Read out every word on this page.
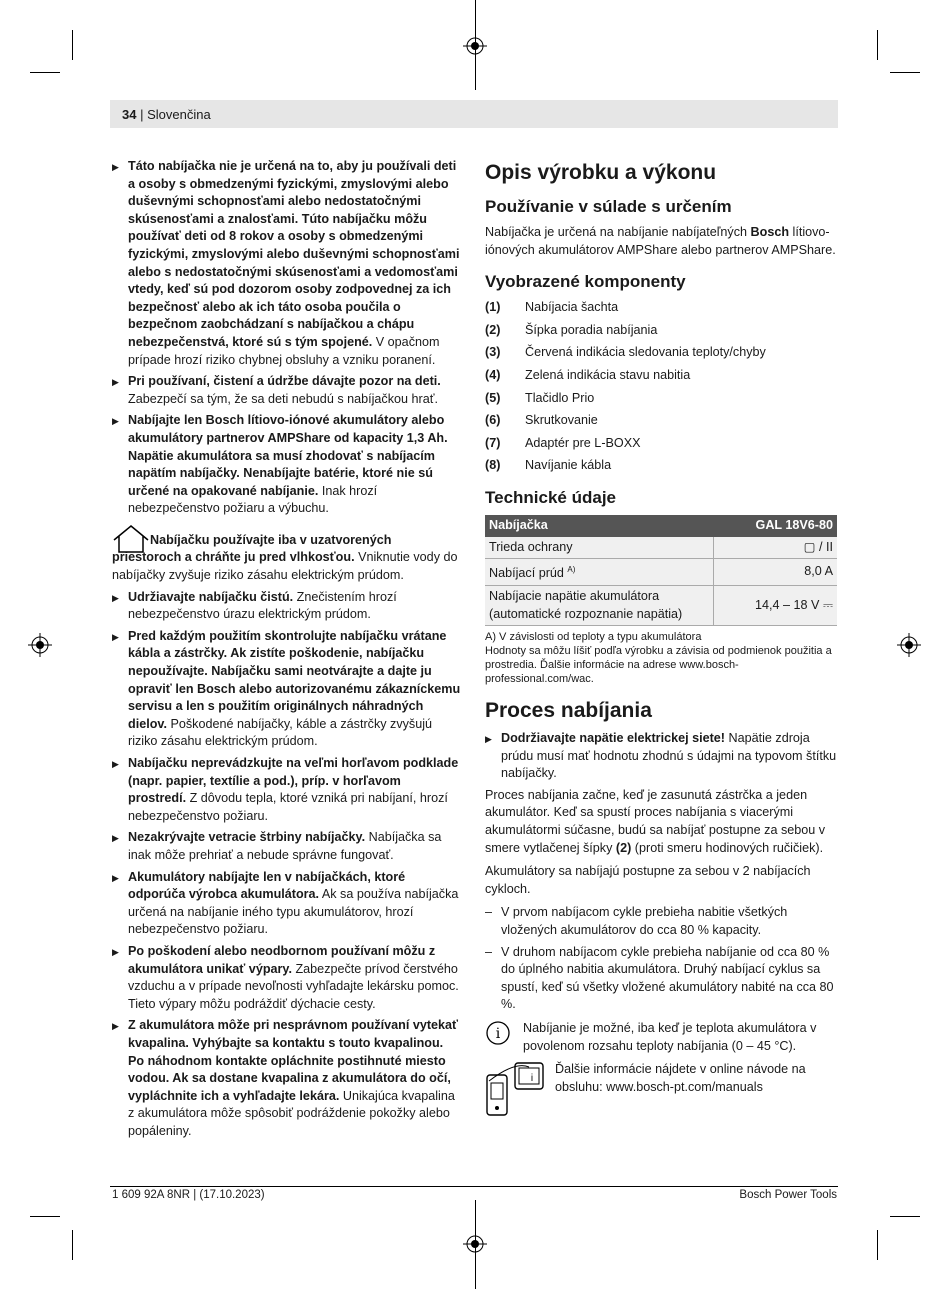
34 | Slovenčina
▶ Táto nabíjačka nie je určená na to, aby ju používali deti a osoby s obmedzenými fyzickými, zmyslovými alebo duševnými schopnosťami alebo nedostatočnými skúsenosťami a znalosťami. Túto nabíjačku môžu používať deti od 8 rokov a osoby s obmedzenými fyzickými, zmyslovými alebo duševnými schopnosťami alebo s nedostatočnými skúsenosťami a vedomosťami vtedy, keď sú pod dozorom osoby zodpovednej za ich bezpečnosť alebo ak ich táto osoba poučila o bezpečnom zaobchádzaní s nabíjačkou a chápu nebezpečenstvá, ktoré sú s tým spojené. V opačnom prípade hrozí riziko chybnej obsluhy a vzniku poranení.
▶ Pri používaní, čistení a údržbe dávajte pozor na deti. Zabezpečí sa tým, že sa deti nebudú s nabíjačkou hrať.
▶ Nabíjajte len Bosch lítiovo-iónové akumulátory alebo akumulátory partnerov AMPShare od kapacity 1,3 Ah. Napätie akumulátora sa musí zhodovať s nabíjacím napätím nabíjačky. Nenabíjajte batérie, ktoré nie sú určené na opakované nabíjanie. Inak hrozí nebezpečenstvo požiaru a výbuchu.
Nabíjačku používajte iba v uzatvorených priestoroch a chráňte ju pred vlhkosťou. Vniknutie vody do nabíjačky zvyšuje riziko zásahu elektrickým prúdom.
▶ Udržiavajte nabíjačku čistú. Znečistením hrozí nebezpečenstvo úrazu elektrickým prúdom.
▶ Pred každým použitím skontrolujte nabíjačku vrátane kábla a zástrčky. Ak zistíte poškodenie, nabíjačku nepoužívajte. Nabíjačku sami neotvárajte a dajte ju opraviť len Bosch alebo autorizovanému zákazníckemu servisu a len s použitím originálnych náhradných dielov. Poškodené nabíjačky, káble a zástrčky zvyšujú riziko zásahu elektrickým prúdom.
▶ Nabíjačku neprevádzkujte na veľmi horľavom podklade (napr. papier, textílie a pod.), príp. v horľavom prostredí. Z dôvodu tepla, ktoré vzniká pri nabíjaní, hrozí nebezpečenstvo požiaru.
▶ Nezakrývajte vetracie štrbiny nabíjačky. Nabíjačka sa inak môže prehriať a nebude správne fungovať.
▶ Akumulátory nabíjajte len v nabíjačkách, ktoré odporúča výrobca akumulátora. Ak sa používa nabíjačka určená na nabíjanie iného typu akumulátorov, hrozí nebezpečenstvo požiaru.
▶ Po poškodení alebo neodbornom používaní môžu z akumulátora unikať výpary. Zabezpečte prívod čerstvého vzduchu a v prípade nevoľnosti vyhľadajte lekársku pomoc. Tieto výpary môžu podráždiť dýchacie cesty.
▶ Z akumulátora môže pri nesprávnom používaní vytekať kvapalina. Vyhýbajte sa kontaktu s touto kvapalinou. Po náhodnom kontakte opláchnite postihnuté miesto vodou. Ak sa dostane kvapalina z akumulátora do očí, vypláchnite ich a vyhľadajte lekára. Unikajúca kvapalina z akumulátora môže spôsobiť podráždenie pokožky alebo popáleniny.
Opis výrobku a výkonu
Používanie v súlade s určením
Nabíjačka je určená na nabíjanie nabíjateľných Bosch lítiovo-iónových akumulátorov AMPShare alebo partnerov AMPShare.
Vyobrazené komponenty
(1)	Nabíjacia šachta
(2)	Šípka poradia nabíjania
(3)	Červená indikácia sledovania teploty/chyby
(4)	Zelená indikácia stavu nabitia
(5)	Tlačidlo Prio
(6)	Skrutkovanie
(7)	Adaptér pre L-BOXX
(8)	Navíjanie kábla
Technické údaje
Nabíjačka	GAL 18V6-80
Trieda ochrany	▢ / II
Nabíjací prúd $^{A)}$	8,0 A
Nabíjacie napätie akumulátora (automatické rozpoznanie napätia)	14,4 – 18 V ⎓
A) V závislosti od teploty a typu akumulátora
Hodnoty sa môžu líšiť podľa výrobku a závisia od podmienok použitia a prostredia. Ďalšie informácie na adrese www.bosch-professional.com/wac.
Proces nabíjania
▶ Dodržiavajte napätie elektrickej siete! Napätie zdroja prúdu musí mať hodnotu zhodnú s údajmi na typovom štítku nabíjačky.
Proces nabíjania začne, keď je zasunutá zástrčka a jeden akumulátor. Keď sa spustí proces nabíjania s viacerými akumulátormi súčasne, budú sa nabíjať postupne za sebou v smere vytlačenej šípky (2) (proti smeru hodinových ručičiek).
Akumulátory sa nabíjajú postupne za sebou v 2 nabíjacích cykloch.
– V prvom nabíjacom cykle prebieha nabitie všetkých vložených akumulátorov do cca 80 % kapacity.
– V druhom nabíjacom cykle prebieha nabíjanie od cca 80 % do úplného nabitia akumulátora. Druhý nabíjací cyklus sa spustí, keď sú všetky vložené akumulátory nabité na cca 80 %.
i Nabíjanie je možné, iba keď je teplota akumulátora v povolenom rozsahu teploty nabíjania (0 – 45 °C).
i
Ďalšie informácie nájdete v online návode na obsluhu: www.bosch-pt.com/manuals
1 609 92A 8NR | (17.10.2023)	Bosch Power Tools
